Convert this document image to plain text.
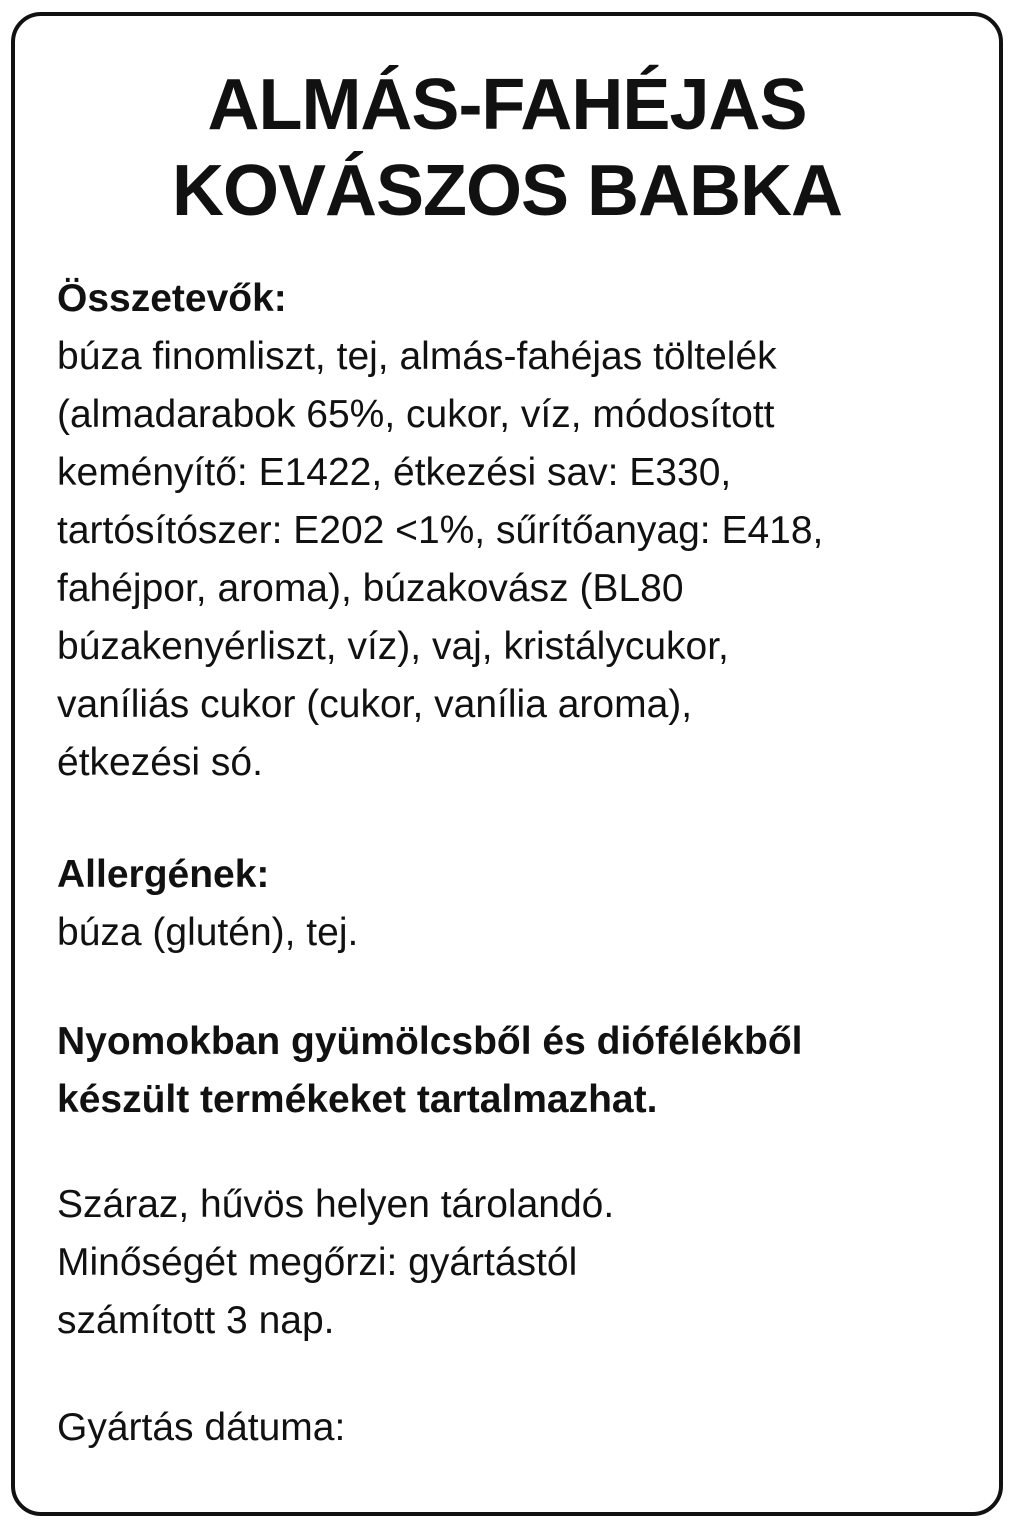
ALMÁS-FAHÉJAS
KOVÁSZOS BABKA

Összetevők:

búza finomliszt, tej, almás-fahéjas töltelék
(almadarabok 65%, cukor, víz, módosított
keményítő: E1422, étkezési sav: E330,
tartósítószer: E202 <1%, sűrítőanyag: E418,
fahéjpor, aroma), búzakovász (BL80
búzakenyérliszt, víz), vaj, kristálycukor,
vaníliás cukor (cukor, vanília aroma),
étkezési só.

Allergének:

búza (glutén), tej.

Nyomokban gyümölcsből és diófélékből
készült termékeket tartalmazhat.

Száraz, hűvös helyen tárolandó.
Minőségét megőrzi: gyártástól
számított 3 nap.

Gyártás dátuma:
